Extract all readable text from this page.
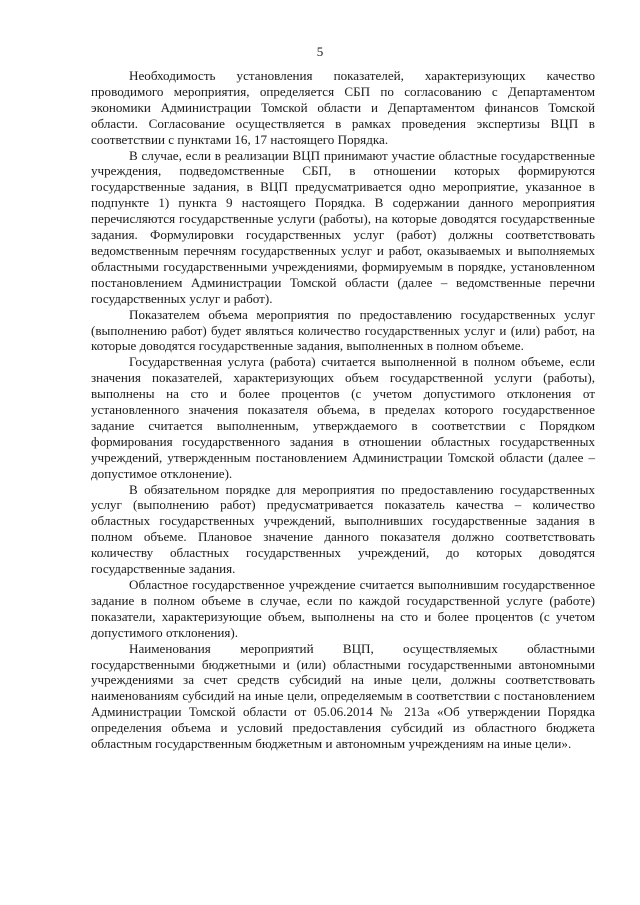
5

Необходимость установления показателей, характеризующих качество проводимого мероприятия, определяется СБП по согласованию с Департаментом экономики Администрации Томской области и Департаментом финансов Томской области. Согласование осуществляется в рамках проведения экспертизы ВЦП в соответствии с пунктами 16, 17 настоящего Порядка.

В случае, если в реализации ВЦП принимают участие областные государственные учреждения, подведомственные СБП, в отношении которых формируются государственные задания, в ВЦП предусматривается одно мероприятие, указанное в подпункте 1) пункта 9 настоящего Порядка. В содержании данного мероприятия перечисляются государственные услуги (работы), на которые доводятся государственные задания. Формулировки государственных услуг (работ) должны соответствовать ведомственным перечням государственных услуг и работ, оказываемых и выполняемых областными государственными учреждениями, формируемым в порядке, установленном постановлением Администрации Томской области (далее – ведомственные перечни государственных услуг и работ).

Показателем объема мероприятия по предоставлению государственных услуг (выполнению работ) будет являться количество государственных услуг и (или) работ, на которые доводятся государственные задания, выполненных в полном объеме.

Государственная услуга (работа) считается выполненной в полном объеме, если значения показателей, характеризующих объем государственной услуги (работы), выполнены на сто и более процентов (с учетом допустимого отклонения от установленного значения показателя объема, в пределах которого государственное задание считается выполненным, утверждаемого в соответствии с Порядком формирования государственного задания в отношении областных государственных учреждений, утвержденным постановлением Администрации Томской области (далее – допустимое отклонение).

В обязательном порядке для мероприятия по предоставлению государственных услуг (выполнению работ) предусматривается показатель качества – количество областных государственных учреждений, выполнивших государственные задания в полном объеме. Плановое значение данного показателя должно соответствовать количеству областных государственных учреждений, до которых доводятся государственные задания.

Областное государственное учреждение считается выполнившим государственное задание в полном объеме в случае, если по каждой государственной услуге (работе) показатели, характеризующие объем, выполнены на сто и более процентов (с учетом допустимого отклонения).

Наименования мероприятий ВЦП, осуществляемых областными государственными бюджетными и (или) областными государственными автономными учреждениями за счет средств субсидий на иные цели, должны соответствовать наименованиям субсидий на иные цели, определяемым в соответствии с постановлением Администрации Томской области от 05.06.2014 № 213а «Об утверждении Порядка определения объема и условий предоставления субсидий из областного бюджета областным государственным бюджетным и автономным учреждениям на иные цели».
